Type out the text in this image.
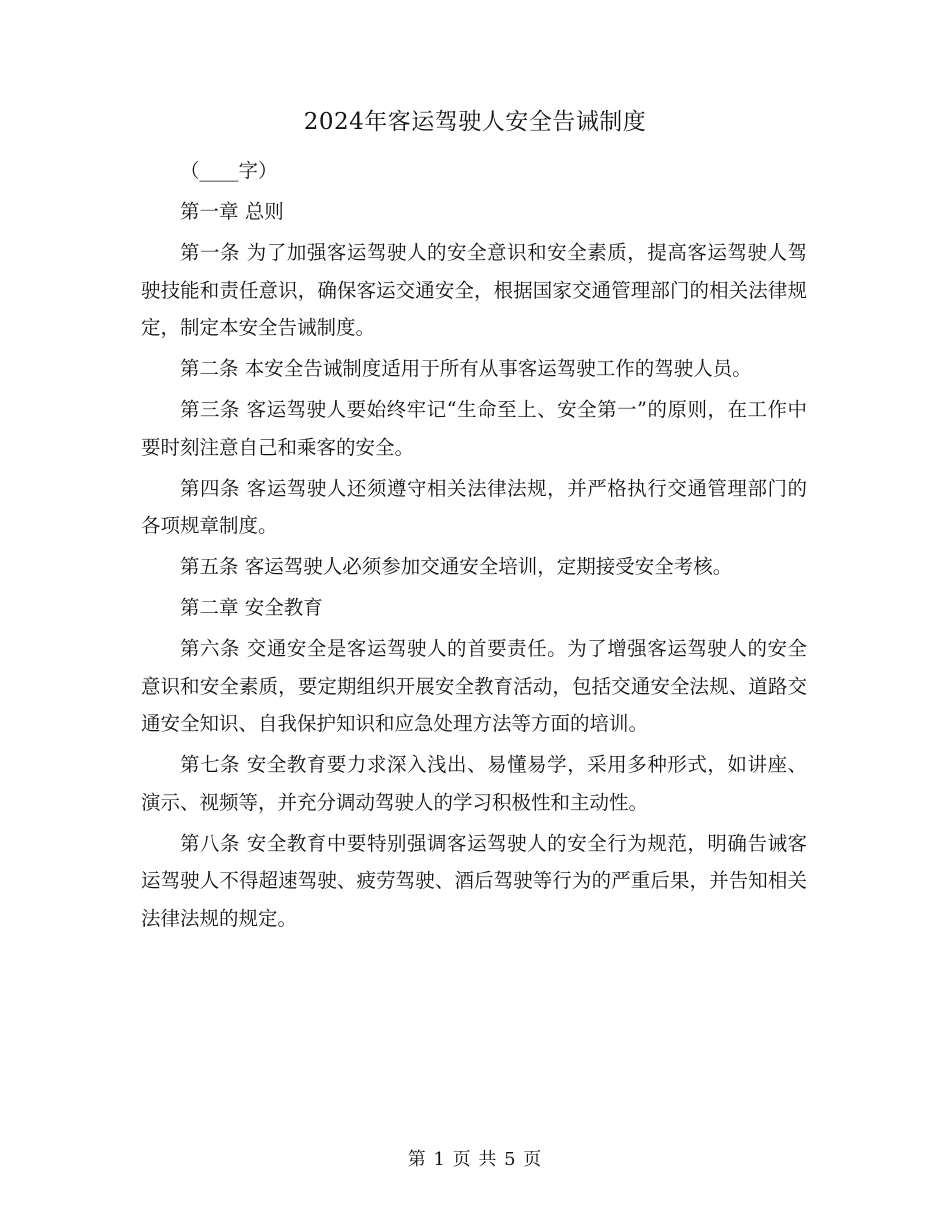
2024年客运驾驶人安全告诫制度

（____字）

第一章 总则

第一条 为了加强客运驾驶人的安全意识和安全素质，提高客运驾驶人驾驶技能和责任意识，确保客运交通安全，根据国家交通管理部门的相关法律规定，制定本安全告诫制度。

第二条 本安全告诫制度适用于所有从事客运驾驶工作的驾驶人员。

第三条 客运驾驶人要始终牢记“生命至上、安全第一”的原则，在工作中要时刻注意自己和乘客的安全。

第四条 客运驾驶人还须遵守相关法律法规，并严格执行交通管理部门的各项规章制度。

第五条 客运驾驶人必须参加交通安全培训，定期接受安全考核。

第二章 安全教育

第六条 交通安全是客运驾驶人的首要责任。为了增强客运驾驶人的安全意识和安全素质，要定期组织开展安全教育活动，包括交通安全法规、道路交通安全知识、自我保护知识和应急处理方法等方面的培训。

第七条 安全教育要力求深入浅出、易懂易学，采用多种形式，如讲座、演示、视频等，并充分调动驾驶人的学习积极性和主动性。

第八条 安全教育中要特别强调客运驾驶人的安全行为规范，明确告诫客运驾驶人不得超速驾驶、疲劳驾驶、酒后驾驶等行为的严重后果，并告知相关法律法规的规定。

第 1 页 共 5 页
